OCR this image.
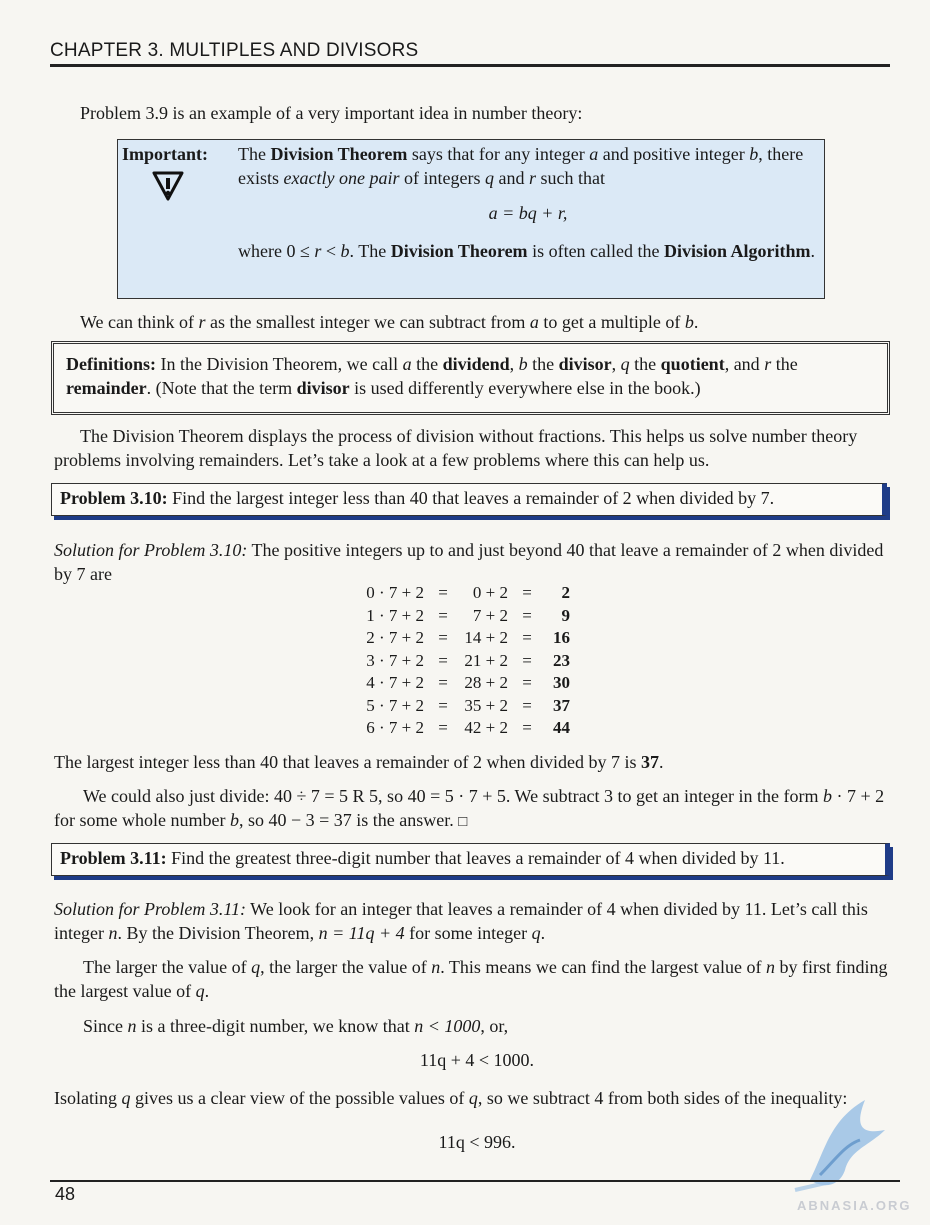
CHAPTER 3. MULTIPLES AND DIVISORS

Problem 3.9 is an example of a very important idea in number theory:

Important: The Division Theorem says that for any integer a and positive integer b, there exists exactly one pair of integers q and r such that
a = bq + r,
where 0 ≤ r < b. The Division Theorem is often called the Division Algorithm.

We can think of r as the smallest integer we can subtract from a to get a multiple of b.

Definitions: In the Division Theorem, we call a the dividend, b the divisor, q the quotient, and r the remainder. (Note that the term divisor is used differently everywhere else in the book.)

The Division Theorem displays the process of division without fractions. This helps us solve number theory problems involving remainders. Let’s take a look at a few problems where this can help us.

Problem 3.10: Find the largest integer less than 40 that leaves a remainder of 2 when divided by 7.

Solution for Problem 3.10: The positive integers up to and just beyond 40 that leave a remainder of 2 when divided by 7 are

0 · 7 + 2	=	0 + 2	=	2
1 · 7 + 2	=	7 + 2	=	9
2 · 7 + 2	=	14 + 2	=	16
3 · 7 + 2	=	21 + 2	=	23
4 · 7 + 2	=	28 + 2	=	30
5 · 7 + 2	=	35 + 2	=	37
6 · 7 + 2	=	42 + 2	=	44

The largest integer less than 40 that leaves a remainder of 2 when divided by 7 is 37.

We could also just divide: 40 ÷ 7 = 5 R 5, so 40 = 5 · 7 + 5. We subtract 3 to get an integer in the form b · 7 + 2 for some whole number b, so 40 − 3 = 37 is the answer. □

Problem 3.11: Find the greatest three-digit number that leaves a remainder of 4 when divided by 11.

Solution for Problem 3.11: We look for an integer that leaves a remainder of 4 when divided by 11. Let’s call this integer n. By the Division Theorem, n = 11q + 4 for some integer q.

The larger the value of q, the larger the value of n. This means we can find the largest value of n by first finding the largest value of q.

Since n is a three-digit number, we know that n < 1000, or,

11q + 4 < 1000.

Isolating q gives us a clear view of the possible values of q, so we subtract 4 from both sides of the inequality:

11q < 996.

48
ABNASIA.ORG
